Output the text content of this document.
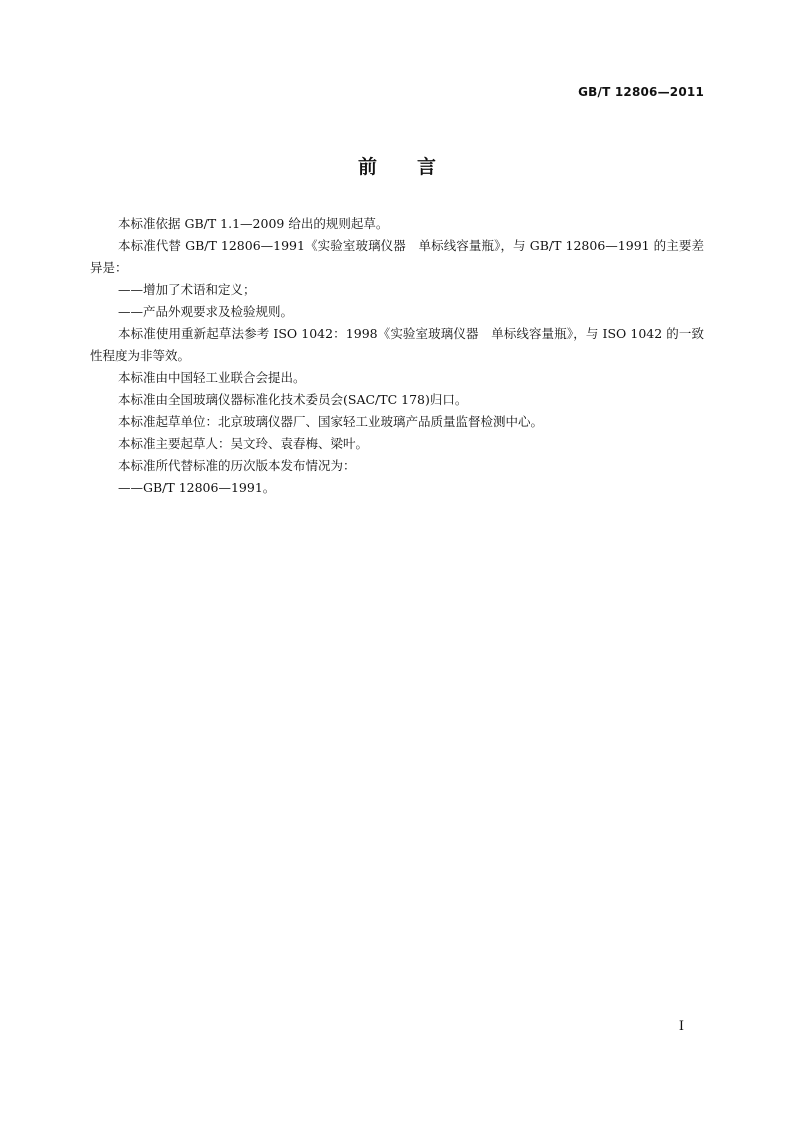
GB/T 12806—2011
前言

本标准依据 GB/T 1.1—2009 给出的规则起草。

本标准代替 GB/T 12806—1991《实验室玻璃仪器　单标线容量瓶》，与 GB/T 12806—1991 的主要差异是：

——增加了术语和定义；

——产品外观要求及检验规则。

本标准使用重新起草法参考 ISO 1042：1998《实验室玻璃仪器　单标线容量瓶》，与 ISO 1042 的一致性程度为非等效。

本标准由中国轻工业联合会提出。

本标准由全国玻璃仪器标准化技术委员会(SAC/TC 178)归口。

本标准起草单位：北京玻璃仪器厂、国家轻工业玻璃产品质量监督检测中心。

本标准主要起草人：吴文玲、袁春梅、梁叶。

本标准所代替标准的历次版本发布情况为：

——GB/T 12806—1991。

I
